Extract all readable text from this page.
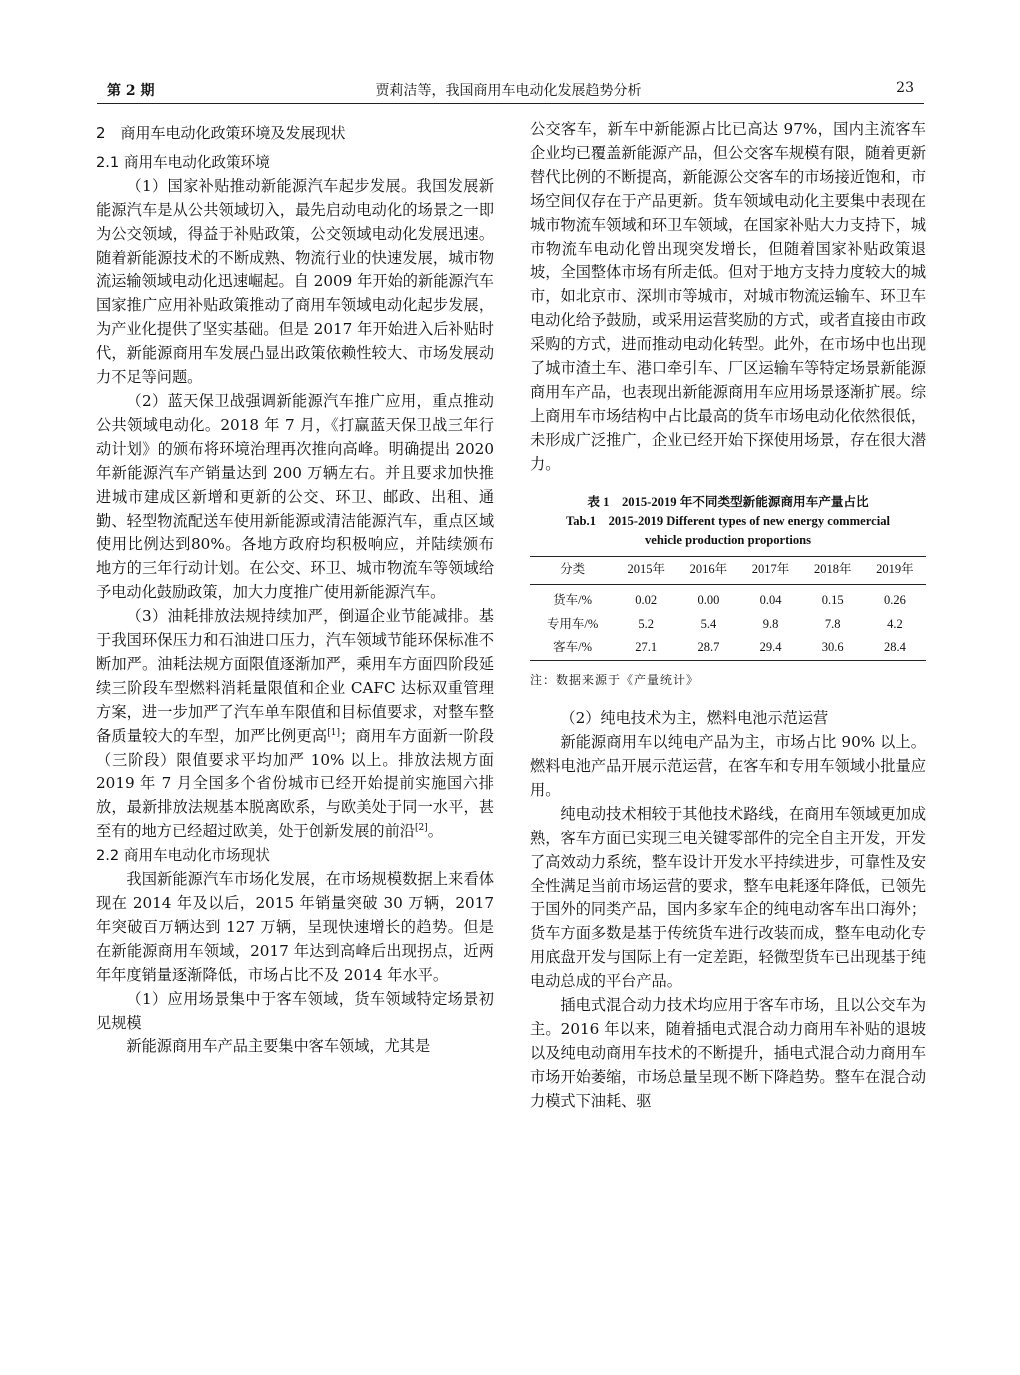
第 2 期	贾莉洁等，我国商用车电动化发展趋势分析	23

2　商用车电动化政策环境及发展现状

2.1 商用车电动化政策环境

（1）国家补贴推动新能源汽车起步发展。我国发展新能源汽车是从公共领域切入，最先启动电动化的场景之一即为公交领域，得益于补贴政策，公交领域电动化发展迅速。随着新能源技术的不断成熟、物流行业的快速发展，城市物流运输领域电动化迅速崛起。自 2009 年开始的新能源汽车国家推广应用补贴政策推动了商用车领域电动化起步发展，为产业化提供了坚实基础。但是 2017 年开始进入后补贴时代，新能源商用车发展凸显出政策依赖性较大、市场发展动力不足等问题。

（2）蓝天保卫战强调新能源汽车推广应用，重点推动公共领域电动化。2018 年 7 月，《打赢蓝天保卫战三年行动计划》的颁布将环境治理再次推向高峰。明确提出 2020 年新能源汽车产销量达到 200 万辆左右。并且要求加快推进城市建成区新增和更新的公交、环卫、邮政、出租、通勤、轻型物流配送车使用新能源或清洁能源汽车，重点区域使用比例达到80%。各地方政府均积极响应，并陆续颁布地方的三年行动计划。在公交、环卫、城市物流车等领域给予电动化鼓励政策，加大力度推广使用新能源汽车。

（3）油耗排放法规持续加严，倒逼企业节能减排。基于我国环保压力和石油进口压力，汽车领域节能环保标准不断加严。油耗法规方面限值逐渐加严，乘用车方面四阶段延续三阶段车型燃料消耗量限值和企业 CAFC 达标双重管理方案，进一步加严了汽车单车限值和目标值要求，对整车整备质量较大的车型，加严比例更高[1]；商用车方面新一阶段（三阶段）限值要求平均加严 10% 以上。排放法规方面 2019 年 7 月全国多个省份城市已经开始提前实施国六排放，最新排放法规基本脱离欧系，与欧美处于同一水平，甚至有的地方已经超过欧美，处于创新发展的前沿[2]。

2.2 商用车电动化市场现状

我国新能源汽车市场化发展，在市场规模数据上来看体现在 2014 年及以后，2015 年销量突破 30 万辆，2017 年突破百万辆达到 127 万辆，呈现快速增长的趋势。但是在新能源商用车领域，2017 年达到高峰后出现拐点，近两年年度销量逐渐降低，市场占比不及 2014 年水平。

（1）应用场景集中于客车领域，货车领域特定场景初见规模

新能源商用车产品主要集中客车领域，尤其是

公交客车，新车中新能源占比已高达 97%，国内主流客车企业均已覆盖新能源产品，但公交客车规模有限，随着更新替代比例的不断提高，新能源公交客车的市场接近饱和，市场空间仅存在于产品更新。货车领域电动化主要集中表现在城市物流车领域和环卫车领域，在国家补贴大力支持下，城市物流车电动化曾出现突发增长，但随着国家补贴政策退坡，全国整体市场有所走低。但对于地方支持力度较大的城市，如北京市、深圳市等城市，对城市物流运输车、环卫车电动化给予鼓励，或采用运营奖励的方式，或者直接由市政采购的方式，进而推动电动化转型。此外，在市场中也出现了城市渣土车、港口牵引车、厂区运输车等特定场景新能源商用车产品，也表现出新能源商用车应用场景逐渐扩展。综上商用车市场结构中占比最高的货车市场电动化依然很低，未形成广泛推广，企业已经开始下探使用场景，存在很大潜力。

表 1　2015-2019 年不同类型新能源商用车产量占比

Tab.1　2015-2019 Different types of new energy commercial

vehicle production proportions

分类	2015年	2016年	2017年	2018年	2019年
货车/%	0.02	0.00	0.04	0.15	0.26
专用车/%	5.2	5.4	9.8	7.8	4.2
客车/%	27.1	28.7	29.4	30.6	28.4

注：数据来源于《产量统计》

（2）纯电技术为主，燃料电池示范运营

新能源商用车以纯电产品为主，市场占比 90% 以上。燃料电池产品开展示范运营，在客车和专用车领域小批量应用。

纯电动技术相较于其他技术路线，在商用车领域更加成熟，客车方面已实现三电关键零部件的完全自主开发，开发了高效动力系统，整车设计开发水平持续进步，可靠性及安全性满足当前市场运营的要求，整车电耗逐年降低，已领先于国外的同类产品，国内多家车企的纯电动客车出口海外；货车方面多数是基于传统货车进行改装而成，整车电动化专用底盘开发与国际上有一定差距，轻微型货车已出现基于纯电动总成的平台产品。

插电式混合动力技术均应用于客车市场，且以公交车为主。2016 年以来，随着插电式混合动力商用车补贴的退坡以及纯电动商用车技术的不断提升，插电式混合动力商用车市场开始萎缩，市场总量呈现不断下降趋势。整车在混合动力模式下油耗、驱
